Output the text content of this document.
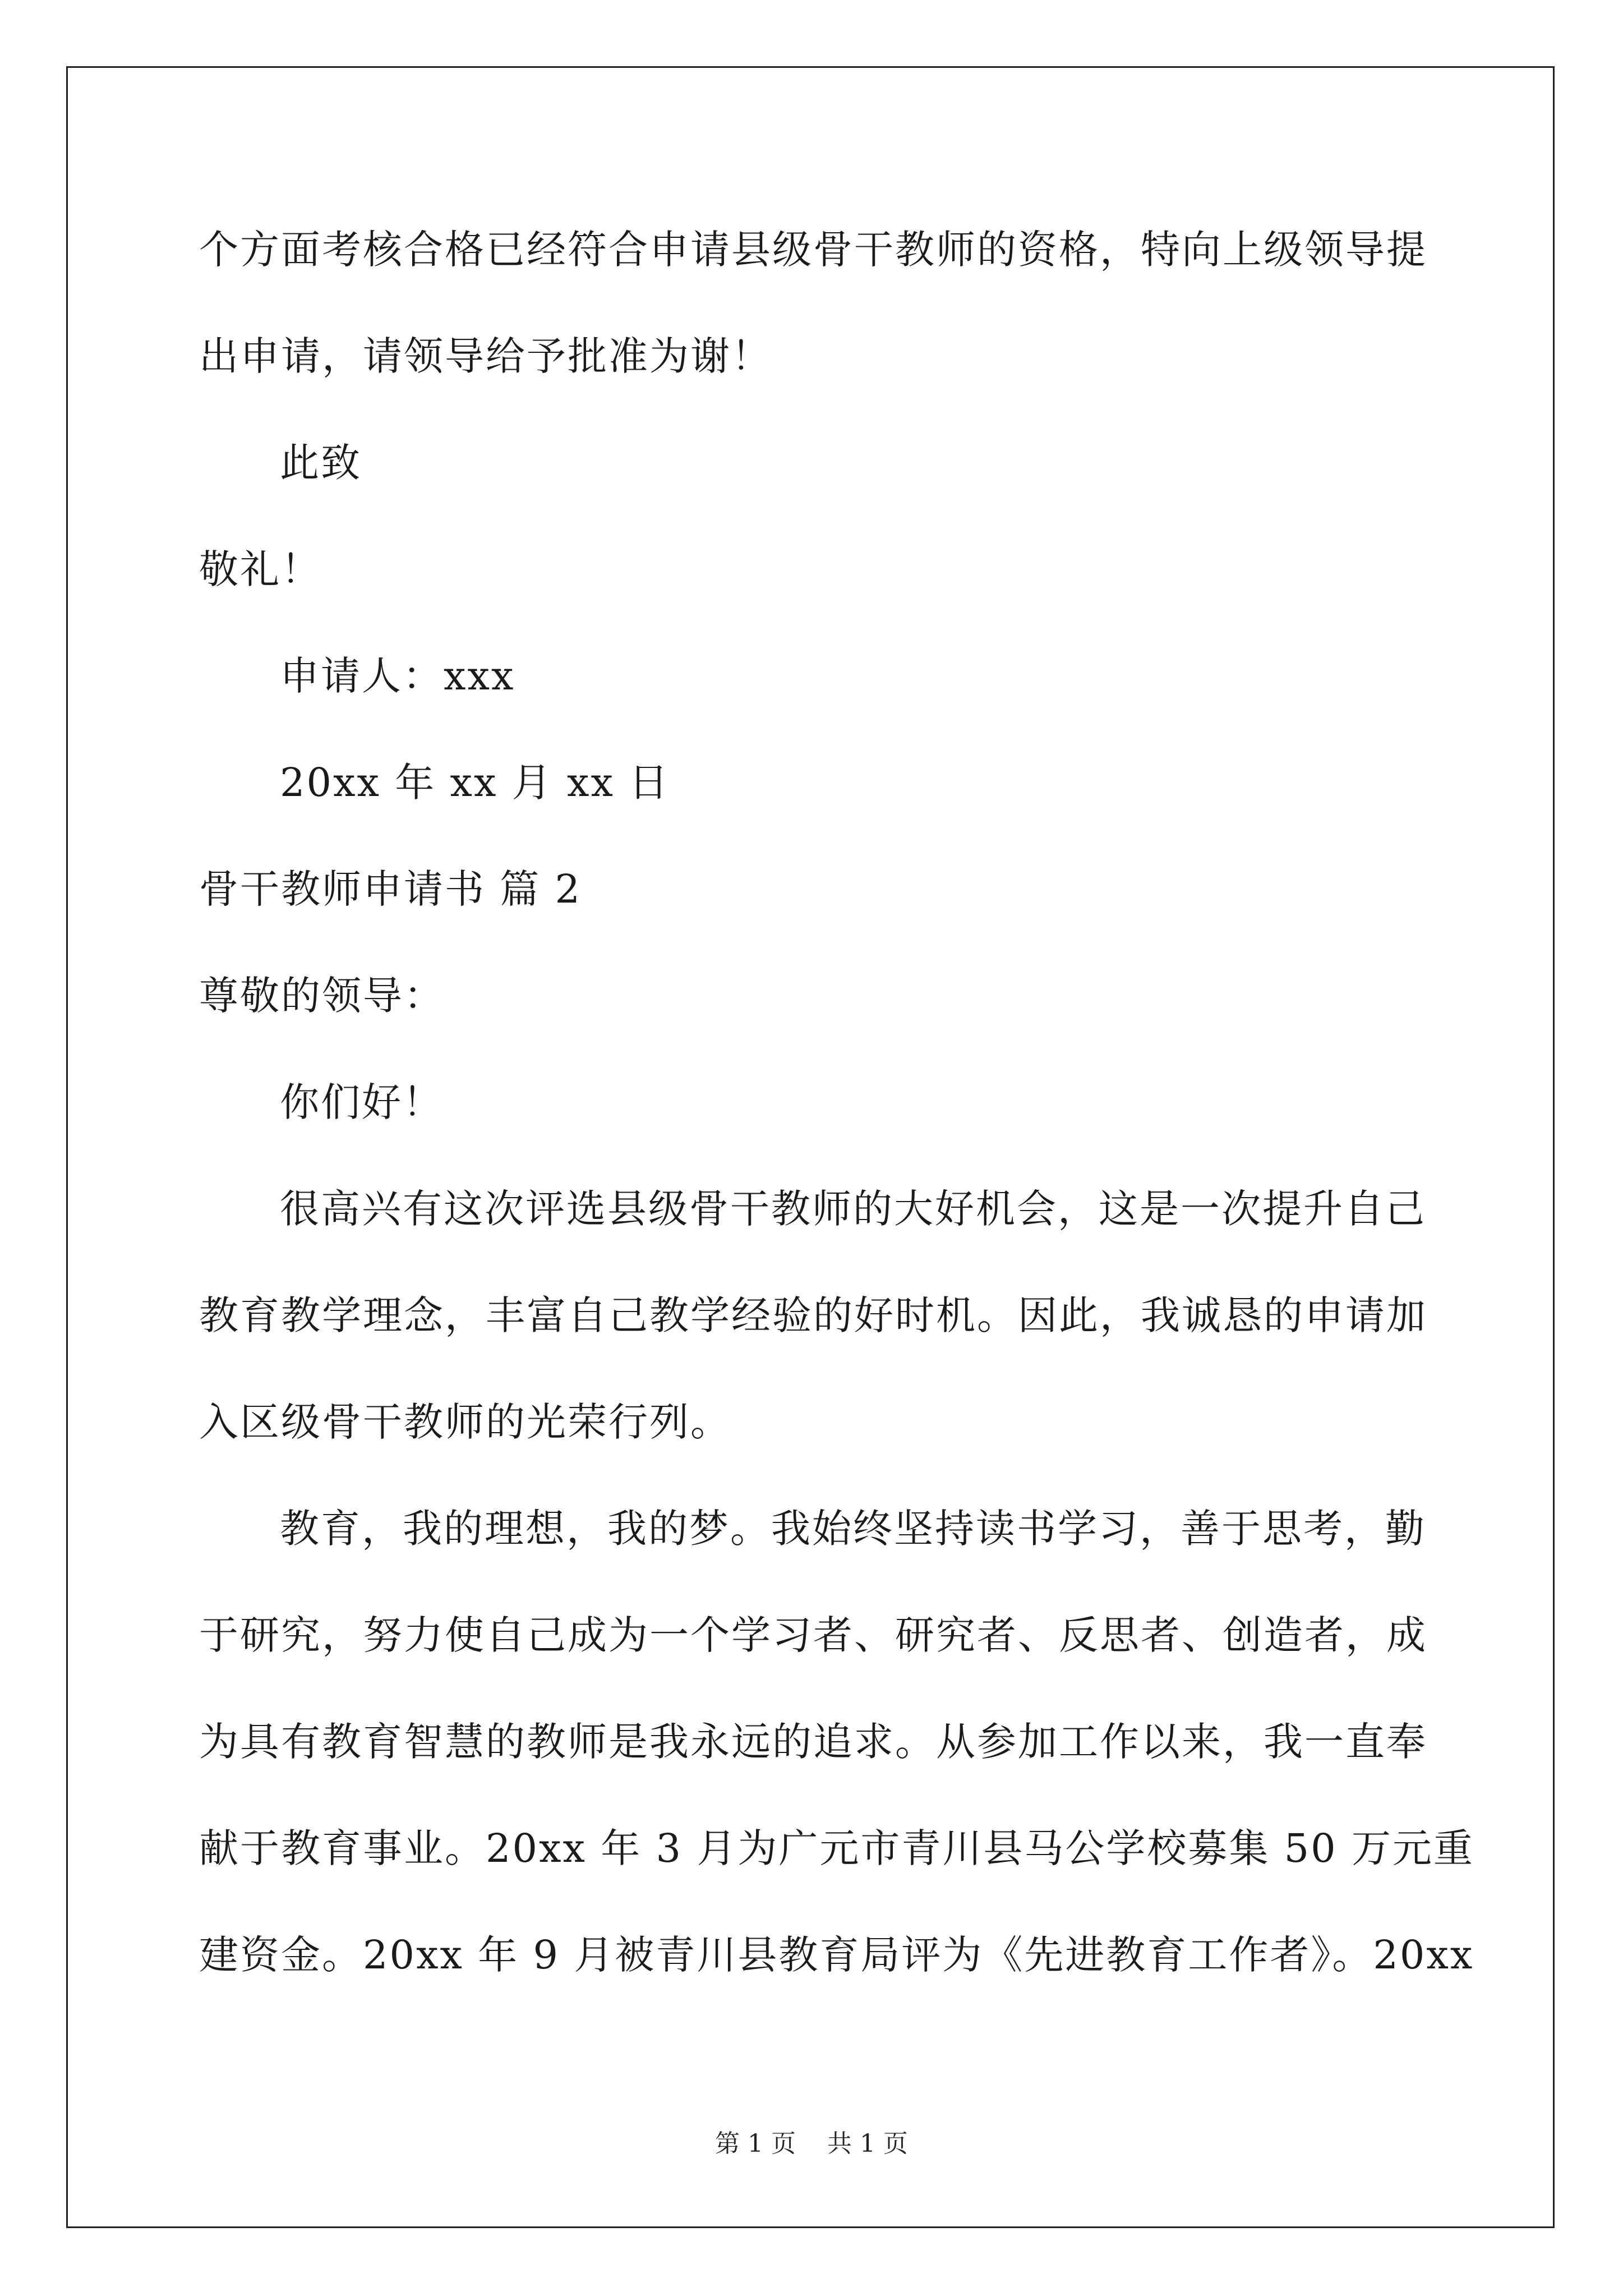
个方面考核合格已经符合申请县级骨干教师的资格，特向上级领导提
出申请，请领导给予批准为谢！
此致
敬礼！
申请人：xxx
20xx 年 xx 月 xx 日
骨干教师申请书 篇 2
尊敬的领导：
你们好！
很高兴有这次评选县级骨干教师的大好机会，这是一次提升自己
教育教学理念，丰富自己教学经验的好时机。因此，我诚恳的申请加
入区级骨干教师的光荣行列。
教育，我的理想，我的梦。我始终坚持读书学习，善于思考，勤
于研究，努力使自己成为一个学习者、研究者、反思者、创造者，成
为具有教育智慧的教师是我永远的追求。从参加工作以来，我一直奉
献于教育事业。20xx 年 3 月为广元市青川县马公学校募集 50 万元重
建资金。20xx 年 9 月被青川县教育局评为《先进教育工作者》。20xx
第 1 页    共 1 页
